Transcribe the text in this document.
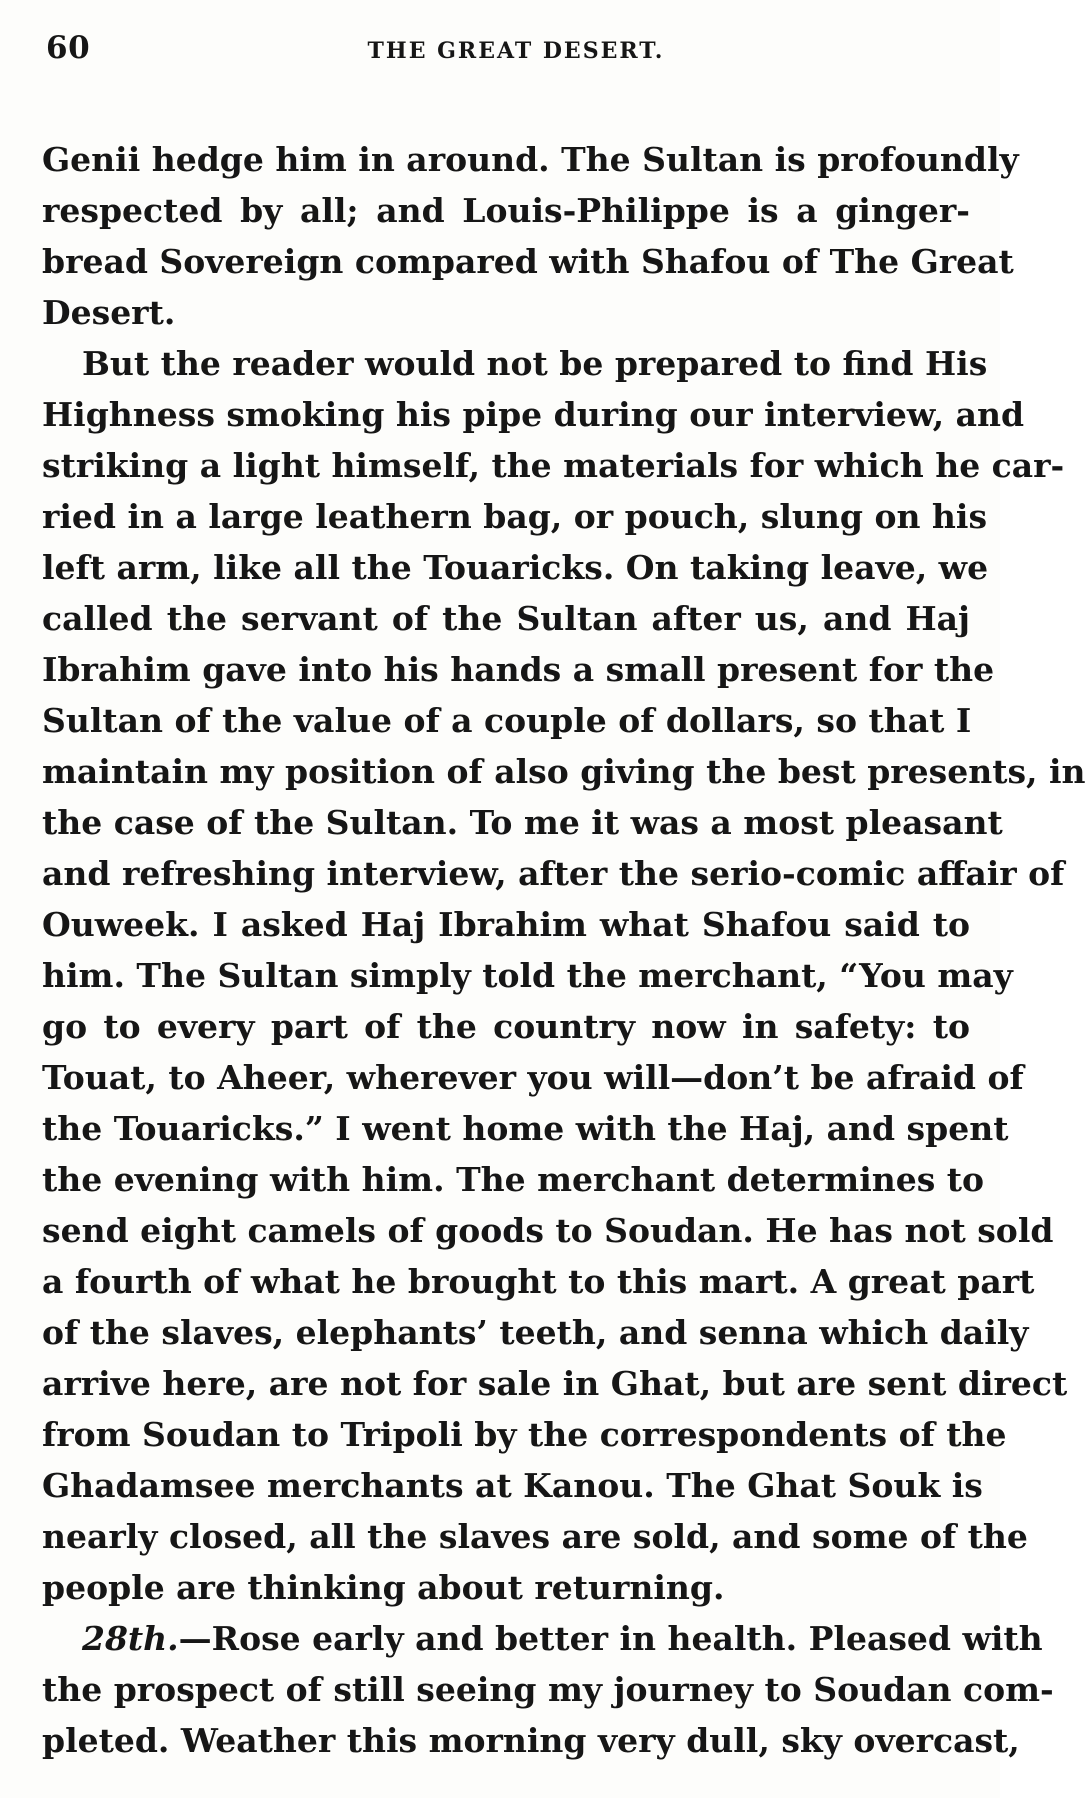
60	THE GREAT DESERT.
Genii hedge him in around. The Sultan is profoundly
respected by all; and Louis-Philippe is a ginger-
bread Sovereign compared with Shafou of The Great
Desert.
But the reader would not be prepared to find His
Highness smoking his pipe during our interview, and
striking a light himself, the materials for which he car-
ried in a large leathern bag, or pouch, slung on his
left arm, like all the Touaricks. On taking leave, we
called the servant of the Sultan after us, and Haj
Ibrahim gave into his hands a small present for the
Sultan of the value of a couple of dollars, so that I
maintain my position of also giving the best presents, in
the case of the Sultan. To me it was a most pleasant
and refreshing interview, after the serio-comic affair of
Ouweek. I asked Haj Ibrahim what Shafou said to
him. The Sultan simply told the merchant, “You may
go to every part of the country now in safety: to
Touat, to Aheer, wherever you will—don’t be afraid of
the Touaricks.” I went home with the Haj, and spent
the evening with him. The merchant determines to
send eight camels of goods to Soudan. He has not sold
a fourth of what he brought to this mart. A great part
of the slaves, elephants’ teeth, and senna which daily
arrive here, are not for sale in Ghat, but are sent direct
from Soudan to Tripoli by the correspondents of the
Ghadamsee merchants at Kanou. The Ghat Souk is
nearly closed, all the slaves are sold, and some of the
people are thinking about returning.
28th.—Rose early and better in health. Pleased with
the prospect of still seeing my journey to Soudan com-
pleted. Weather this morning very dull, sky overcast,
